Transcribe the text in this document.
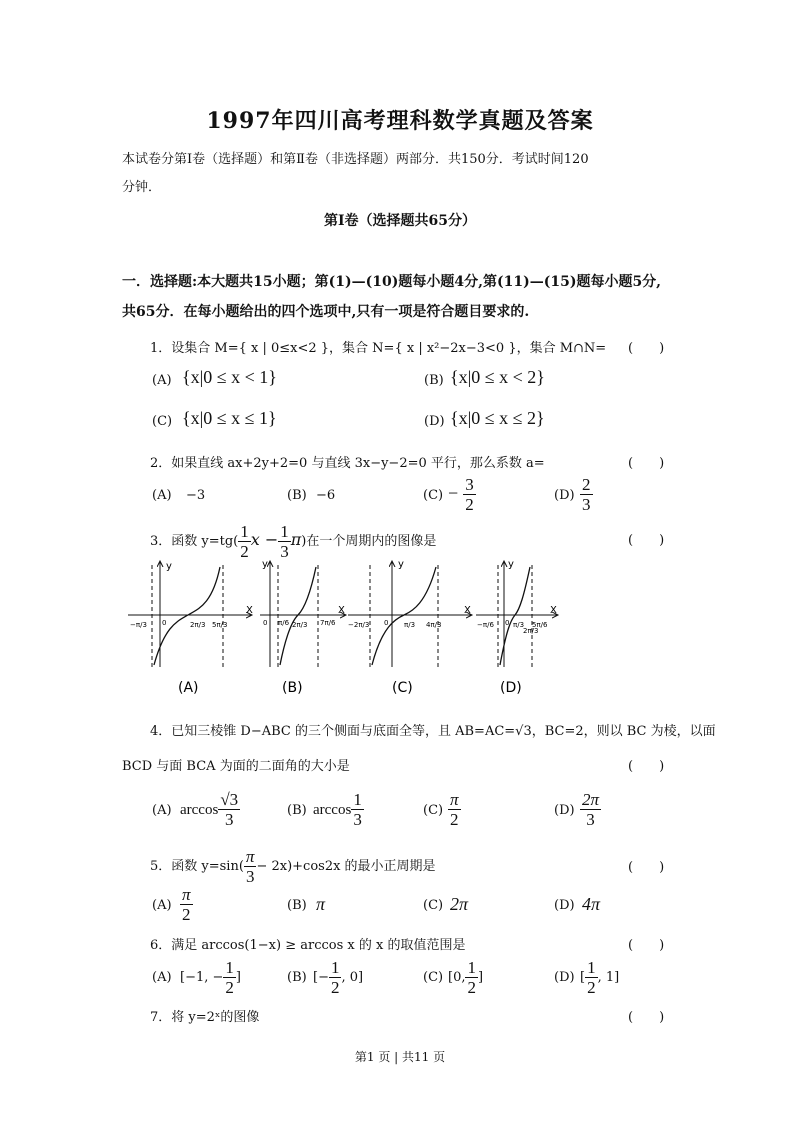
1997年四川高考理科数学真题及答案
本试卷分第Ⅰ卷（选择题）和第Ⅱ卷（非选择题）两部分．共150分．考试时间120
分钟．
第Ⅰ卷（选择题共65分）
一．选择题:本大题共15小题；第(1)—(10)题每小题4分,第(11)—(15)题每小题5分,
共65分．在每小题给出的四个选项中,只有一项是符合题目要求的.
1．设集合 M={ x | 0≤x<2 }，集合 N={ x | x²−2x−3<0 }，集合 M∩N= (　　)
(A) {x|0 ≤ x < 1}	(B) {x|0 ≤ x < 2}
(C) {x|0 ≤ x ≤ 1}	(D) {x|0 ≤ x ≤ 2}
2．如果直线 ax+2y+2=0 与直线 3x−y−2=0 平行，那么系数 a=	(　　)
(A) −3	(B) −6	$(C) - \frac{3}{2}$	$(D) \frac{2}{3}$
3．函数 $y=tg( \frac{1}{2}$ $x - \frac{1}{3} \pi$)在一个周期内的图像是	(　　)
X
y
−π/3 0	2π/3 5π/3
(A)
X
y
0 π/6 2π/3 7π/6
(B)
X
y
−2π/3 0 π/3 4π/3
(C)
X
y
−π/6 0 π/3
2π/3
5π/6
(D)
4．已知三棱锥 D−ABC 的三个侧面与底面全等，且 AB=AC=√3，BC=2，则以 BC 为棱，以面
BCD 与面 BCA 为面的二面角的大小是	(　　)
(A) $\arccos \frac{√3}{3}$	(B) $\arccos \frac{1}{3}$	$(C) \frac{\pi}{2}$	$(D) \frac{2\pi}{3}$
5．函数 $y=\sin( \frac{\pi}{3} - 2x)+\cos 2x$ 的最小正周期是	(　　)
$(A) \frac{\pi}{2}$	(B) π	(C) 2π	(D) 4π
6．满足 arccos(1−x) ≥ arccos x 的 x 的取值范围是	(　　)
(A) [−1, − $\frac{1}{2}$ ]	(B) [− $\frac{1}{2}$ , 0]	(C) [0, $\frac{1}{2}$ ]	(D) [ $\frac{1}{2}$ , 1]
7．将 y=2ˣ的图像	(　　)
第1 页 | 共11 页
